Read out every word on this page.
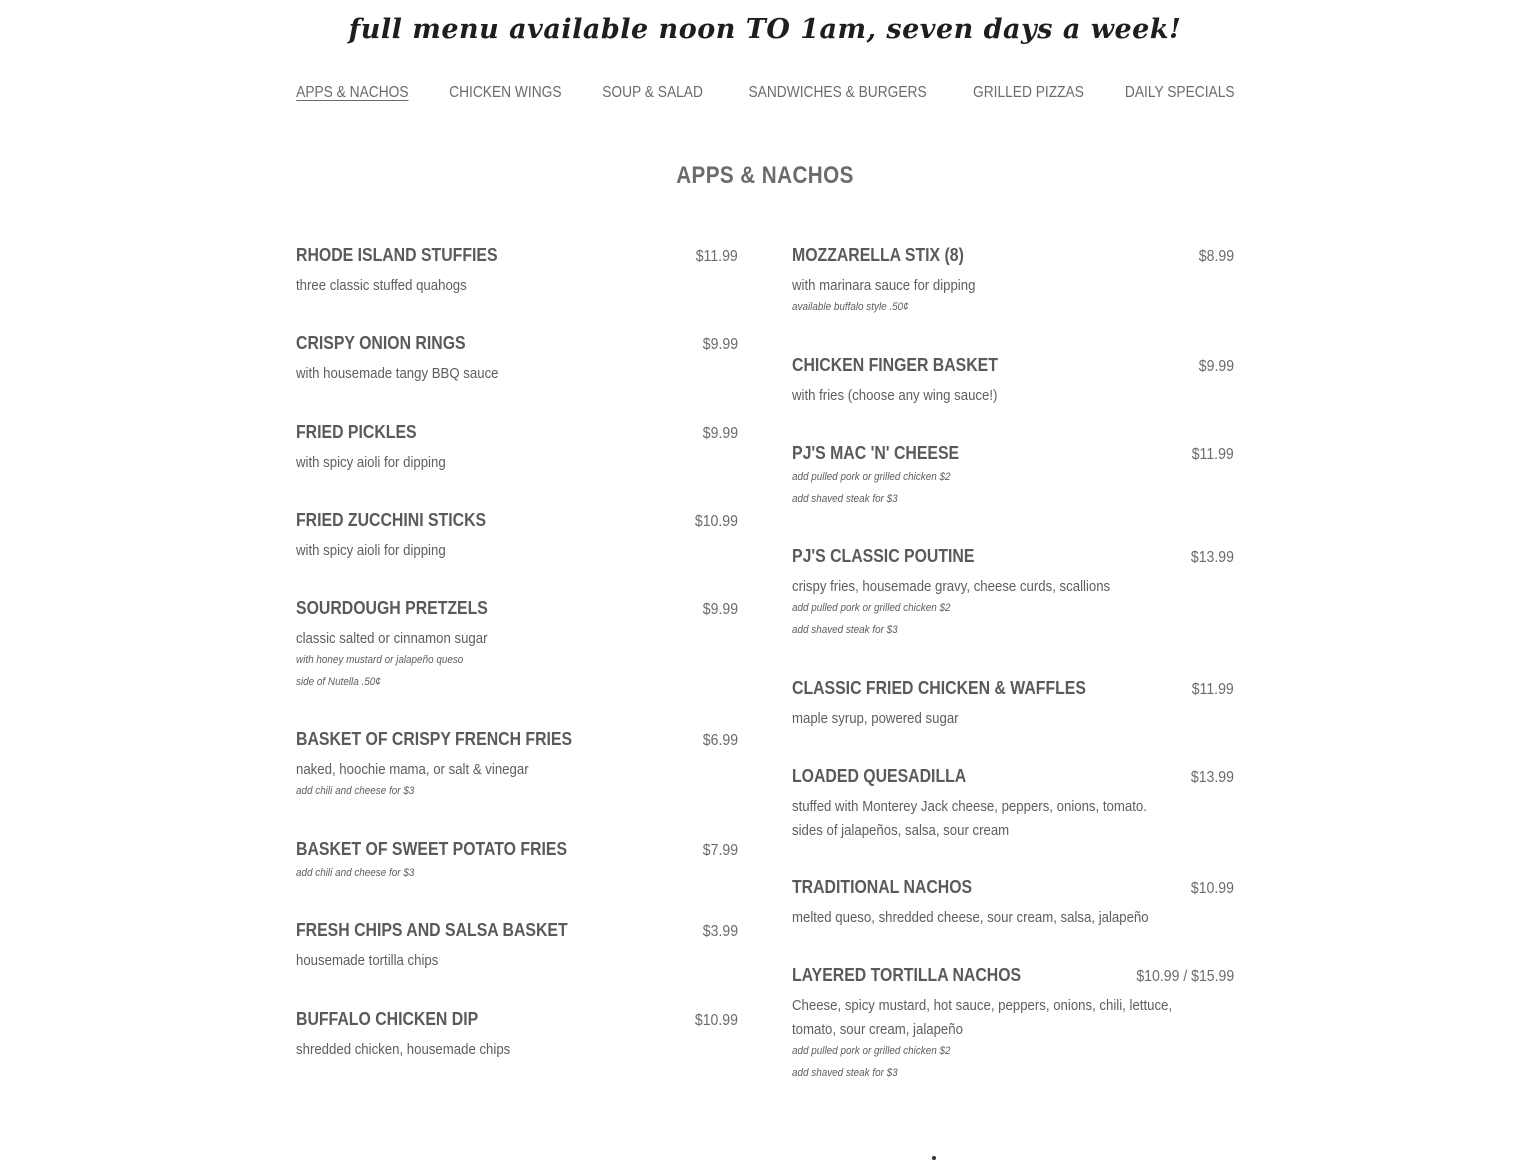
full menu available noon TO 1am, seven days a week!
APPS & NACHOS	CHICKEN WINGS	SOUP & SALAD	SANDWICHES & BURGERS	GRILLED PIZZAS	DAILY SPECIALS
APPS & NACHOS
RHODE ISLAND STUFFIES	$11.99
three classic stuffed quahogs
CRISPY ONION RINGS	$9.99
with housemade tangy BBQ sauce
FRIED PICKLES	$9.99
with spicy aioli for dipping
FRIED ZUCCHINI STICKS	$10.99
with spicy aioli for dipping
SOURDOUGH PRETZELS	$9.99
classic salted or cinnamon sugar
with honey mustard or jalapeño queso
side of Nutella .50¢
BASKET OF CRISPY FRENCH FRIES	$6.99
naked, hoochie mama, or salt & vinegar
add chili and cheese for $3
BASKET OF SWEET POTATO FRIES	$7.99
add chili and cheese for $3
FRESH CHIPS AND SALSA BASKET	$3.99
housemade tortilla chips
BUFFALO CHICKEN DIP	$10.99
shredded chicken, housemade chips
MOZZARELLA STIX (8)	$8.99
with marinara sauce for dipping
available buffalo style .50¢
CHICKEN FINGER BASKET	$9.99
with fries (choose any wing sauce!)
PJ'S MAC 'N' CHEESE	$11.99
add pulled pork or grilled chicken $2
add shaved steak for $3
PJ'S CLASSIC POUTINE	$13.99
crispy fries, housemade gravy, cheese curds, scallions
add pulled pork or grilled chicken $2
add shaved steak for $3
CLASSIC FRIED CHICKEN & WAFFLES	$11.99
maple syrup, powered sugar
LOADED QUESADILLA	$13.99
stuffed with Monterey Jack cheese, peppers, onions, tomato. sides of jalapeños, salsa, sour cream
TRADITIONAL NACHOS	$10.99
melted queso, shredded cheese, sour cream, salsa, jalapeño
LAYERED TORTILLA NACHOS	$10.99 / $15.99
Cheese, spicy mustard, hot sauce, peppers, onions, chili, lettuce, tomato, sour cream, jalapeño
add pulled pork or grilled chicken $2
add shaved steak for $3
